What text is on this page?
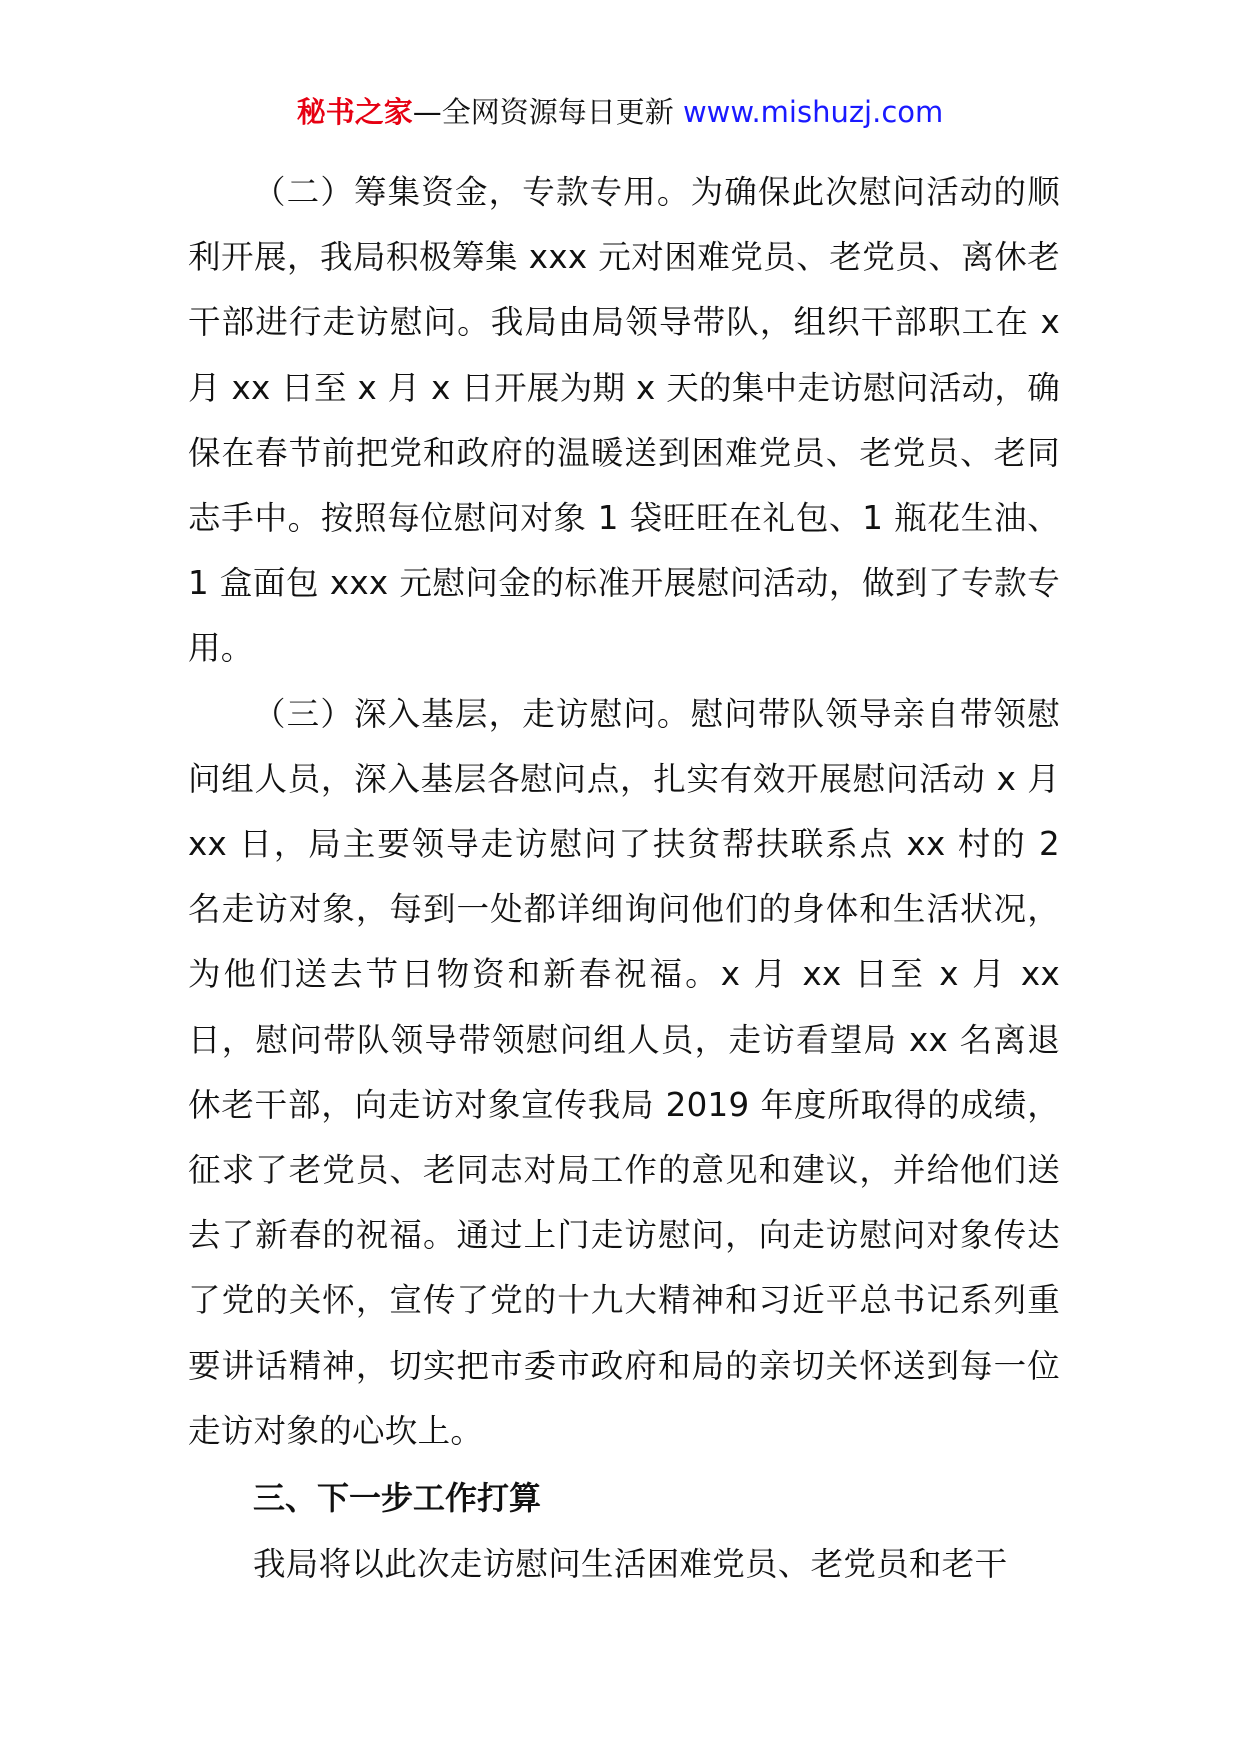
秘书之家—全网资源每日更新 www.mishuzj.com

（二）筹集资金，专款专用。为确保此次慰问活动的顺利开展，我局积极筹集 xxx 元对困难党员、老党员、离休老干部进行走访慰问。我局由局领导带队，组织干部职工在 x 月 xx 日至 x 月 x 日开展为期 x 天的集中走访慰问活动，确保在春节前把党和政府的温暖送到困难党员、老党员、老同志手中。按照每位慰问对象 1 袋旺旺在礼包、1 瓶花生油、1 盒面包 xxx 元慰问金的标准开展慰问活动，做到了专款专用。

（三）深入基层，走访慰问。慰问带队领导亲自带领慰问组人员，深入基层各慰问点，扎实有效开展慰问活动 x 月 xx 日，局主要领导走访慰问了扶贫帮扶联系点 xx 村的 2 名走访对象，每到一处都详细询问他们的身体和生活状况，为他们送去节日物资和新春祝福。x 月 xx 日至 x 月 xx 日，慰问带队领导带领慰问组人员，走访看望局 xx 名离退休老干部，向走访对象宣传我局 2019 年度所取得的成绩，征求了老党员、老同志对局工作的意见和建议，并给他们送去了新春的祝福。通过上门走访慰问，向走访慰问对象传达了党的关怀，宣传了党的十九大精神和习近平总书记系列重要讲话精神，切实把市委市政府和局的亲切关怀送到每一位走访对象的心坎上。

三、下一步工作打算

我局将以此次走访慰问生活困难党员、老党员和老干
